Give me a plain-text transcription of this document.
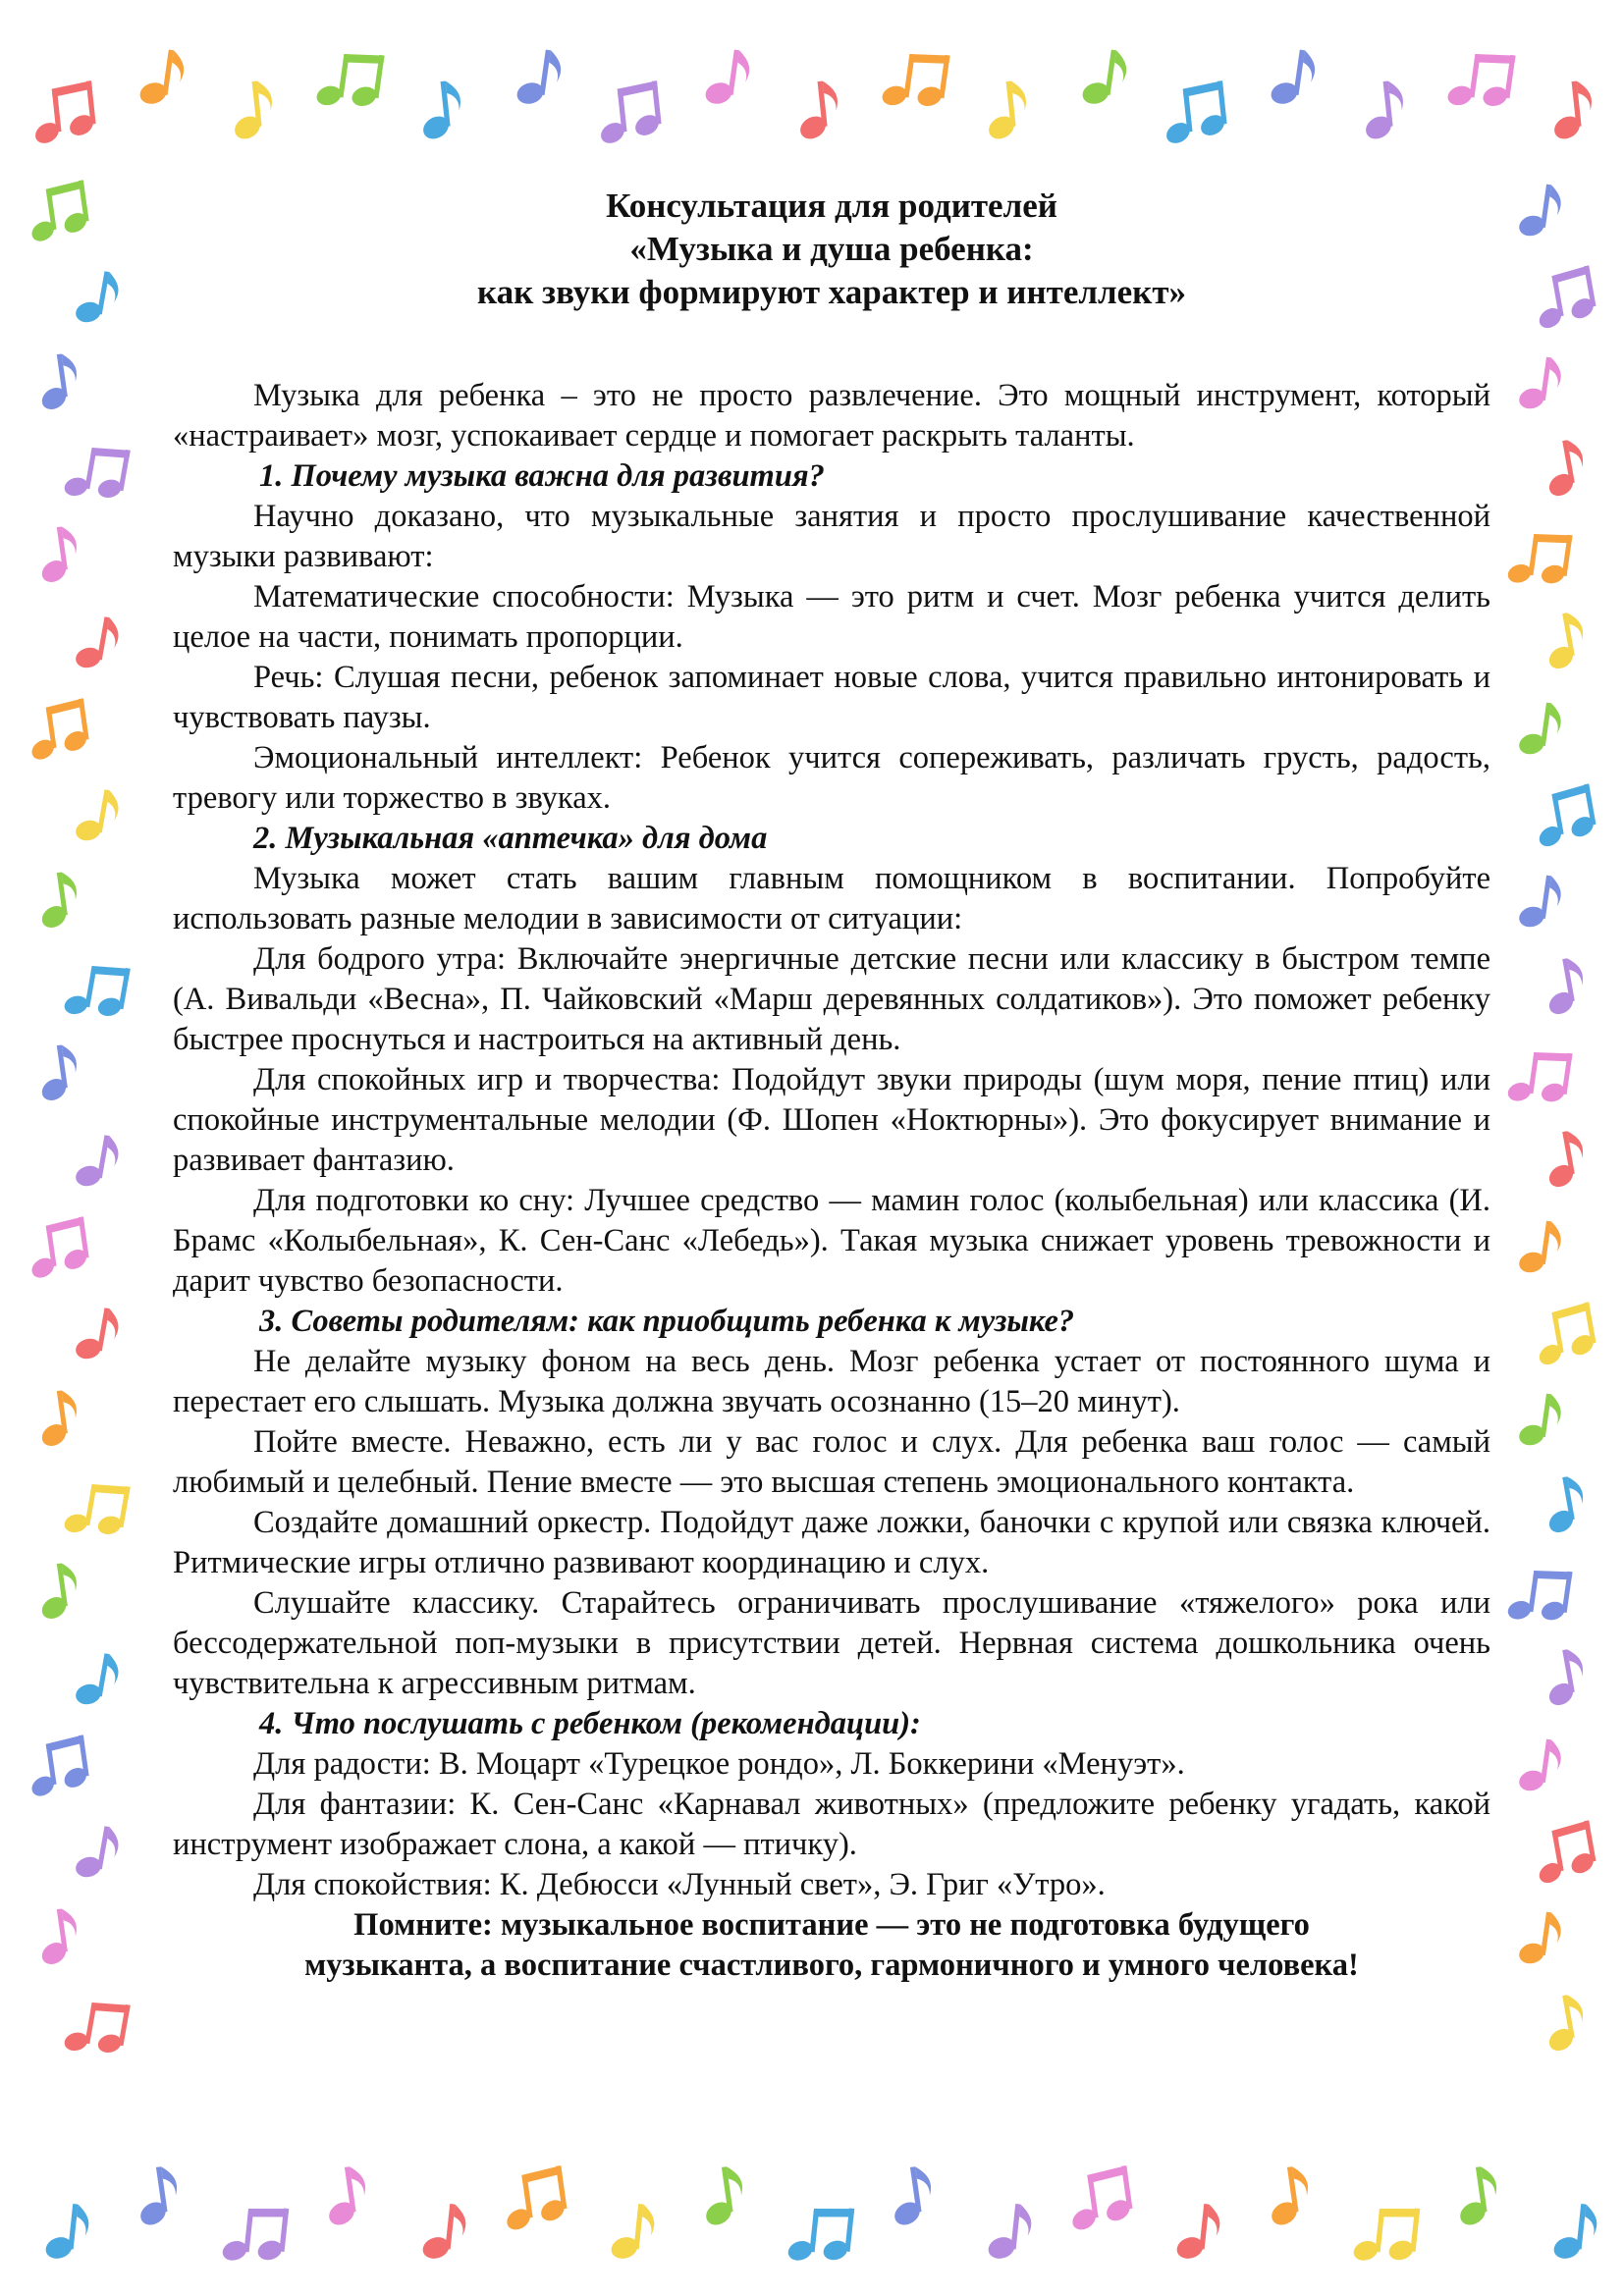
Консультация для родителей
«Музыка и душа ребенка:
как звуки формируют характер и интеллект»

Музыка для ребенка – это не просто развлечение. Это мощный инструмент, который «настраивает» мозг, успокаивает сердце и помогает раскрыть таланты.

1. Почему музыка важна для развития?

Научно доказано, что музыкальные занятия и просто прослушивание качественной музыки развивают:

Математические способности: Музыка — это ритм и счет. Мозг ребенка учится делить целое на части, понимать пропорции.

Речь: Слушая песни, ребенок запоминает новые слова, учится правильно интонировать и чувствовать паузы.

Эмоциональный интеллект: Ребенок учится сопереживать, различать грусть, радость, тревогу или торжество в звуках.

2. Музыкальная «аптечка» для дома

Музыка может стать вашим главным помощником в воспитании. Попробуйте использовать разные мелодии в зависимости от ситуации:

Для бодрого утра: Включайте энергичные детские песни или классику в быстром темпе (А. Вивальди «Весна», П. Чайковский «Марш деревянных солдатиков»). Это поможет ребенку быстрее проснуться и настроиться на активный день.

Для спокойных игр и творчества: Подойдут звуки природы (шум моря, пение птиц) или спокойные инструментальные мелодии (Ф. Шопен «Ноктюрны»). Это фокусирует внимание и развивает фантазию.

Для подготовки ко сну: Лучшее средство — мамин голос (колыбельная) или классика (И. Брамс «Колыбельная», К. Сен-Санс «Лебедь»). Такая музыка снижает уровень тревожности и дарит чувство безопасности.

3. Советы родителям: как приобщить ребенка к музыке?

Не делайте музыку фоном на весь день. Мозг ребенка устает от постоянного шума и перестает его слышать. Музыка должна звучать осознанно (15–20 минут).

Пойте вместе. Неважно, есть ли у вас голос и слух. Для ребенка ваш голос — самый любимый и целебный. Пение вместе — это высшая степень эмоционального контакта.

Создайте домашний оркестр. Подойдут даже ложки, баночки с крупой или связка ключей. Ритмические игры отлично развивают координацию и слух.

Слушайте классику. Старайтесь ограничивать прослушивание «тяжелого» рока или бессодержательной поп-музыки в присутствии детей. Нервная система дошкольника очень чувствительна к агрессивным ритмам.

4. Что послушать с ребенком (рекомендации):

Для радости: В. Моцарт «Турецкое рондо», Л. Боккерини «Менуэт».

Для фантазии: К. Сен-Санс «Карнавал животных» (предложите ребенку угадать, какой инструмент изображает слона, а какой — птичку).

Для спокойствия: К. Дебюсси «Лунный свет», Э. Григ «Утро».

Помните: музыкальное воспитание — это не подготовка будущего
музыканта, а воспитание счастливого, гармоничного и умного человека!
